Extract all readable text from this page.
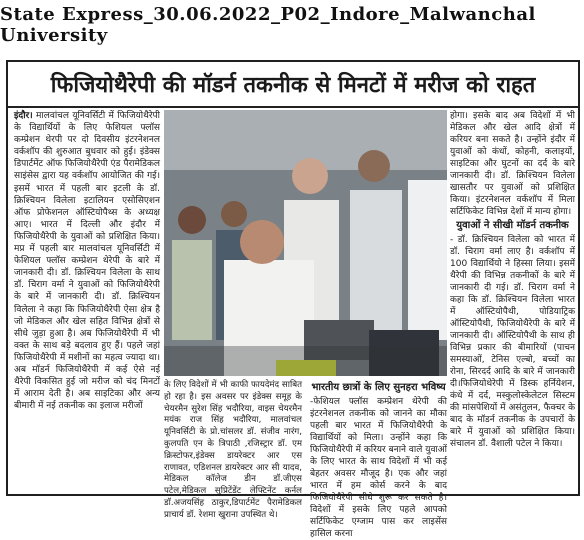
State Express_30.06.2022_P02_Indore_Malwanchal University
फिजियोथैरेपी की मॉडर्न तकनीक से मिनटों में मरीज को राहत
इंदौर। मालवांचल यूनिवर्सिटी में फिजियोथैरेपी के विद्यार्थियों के लिए फेशियल फ्लॉस कम्प्रेशन थेरपी पर दो दिवसीय इंटरनेशनल वर्कशॉप की शुरुआत बुधवार को हुई। इंडेक्स डिपार्टमेंट ऑफ फिजियोथैरेपी एंड पैरामेडिकल साइंसेस द्वारा यह वर्कशॉप आयोजित की गई। इसमें भारत में पहली बार इटली के डॉ. क्रिश्चियन विलेला इटालियन एसोसिएशन ऑफ प्रोफेशनल ऑस्टियोपैथ्स के अध्यक्ष आए। भारत में दिल्ली और इंदौर में फिजियोथैरेपी के युवाओं को प्रशिक्षित किया। मप्र में पहली बार मालवांचल यूनिवर्सिटी में फेशियल फ्लॉस कम्प्रेशन थेरेपी के बारे में जानकारी दी। डॉ. क्रिश्चियन विलेला के साथ डॉ. चिराग वर्मा ने युवाओं को फिजियोथैरेपी के बारे में जानकारी दी। डॉ. क्रिश्चियन विलेला ने कहा कि फिजियोथैरेपी ऐसा क्षेत्र है जो मेडिकल और खेल सहित विभिन्न क्षेत्रों से सीधे जुड़ा हुआ है। अब फिजियोथैरेपी में भी वक्त के साथ बड़े बदलाव हुए हैं। पहले जहां फिजियोथैरेपी में मशीनों का महत्व ज्यादा था। अब मॉडर्न फिजियोथैरेपी में कई ऐसे नई थैरेपी विकसित हुई जो मरीज को चंद मिनटों में आराम देती है। अब साइटिका और अन्य बीमारी में नई तकनीक का इलाज मरीजों
के लिए विदेशों में भी काफी फायदेमंद साबित हो रहा है। इस अवसर पर इंडेक्स समूह के चेयरमैन सुरेश सिंह भदौरिया, वाइस चेयरमैन मयंक राज सिंह भदौरिया, मालवांचल यूनिवर्सिटी के प्रो.चांसलर डॉ. संजीव नारंग, कुलपति एन के त्रिपाठी ,रजिस्ट्रार डॉ. एम क्रिस्टोफर,इंडेक्स डायरेक्टर आर एस राणावत, एडिशनल डायरेक्टर आर सी यादव, मेडिकल कॉलेज डीन डॉ.जीएस पटेल,मेडिकल सुप्रिटेंडेंट लेफ्टिनेंट कर्नल डॉ.अजयसिंह ठाकुर,डिपार्टमेंट पैरामेडिकल प्राचार्य डॉ. रेशमा खुराना उपस्थित थे।
भारतीय छात्रों के लिए सुनहरा भविष्य
-फेशियल फ्लॉस कम्प्रेशन थेरेपी की इंटरनेशनल तकनीक को जानने का मौका पहली बार भारत में फिजियोथैरेपी के विद्यार्थियों को मिला। उन्होंने कहा कि फिजियोथैरेपी में करियर बनाने वाले युवाओं के लिए भारत के साथ विदेशों में भी कई बेहतर अवसर मौजूद है। एक और जहां भारत में हम कोर्स करने के बाद फिजियोथैरेपी सीधे शुरू कर सकते है। विदेशों में इसके लिए पहले आपको सर्टिफिकेट एग्जाम पास कर लाइसेंस हासिल करना
होगा। इसके बाद अब विदेशों में भी मेडिकल और खेल आदि क्षेत्रों में करियर बना सकते है। उन्होंने इंदौर में युवाओं को कंधों, कोहनी, कलाइयों, साइटिका और घुटनों का दर्द के बारे जानकारी दी। डॉ. क्रिश्चियन विलेला खासतौर पर युवाओं को प्रशिक्षित किया। इंटरनेशनल वर्कशॉप में मिला सर्टिफिकेट विभिन्न देशों में मान्य होगा।
युवाओं ने सीखी मॉडर्न तकनीक
- डॉ. क्रिश्चियन विलेला को भारत में डॉ. चिराग वर्मा लाए है। वर्कशॉप में 100 विद्यार्थियो ने हिस्सा लिया। इसमें थैरेपी की विभिन्न तकनीकों के बारे में जानकारी दी गई। डॉ. चिराग वर्मा ने कहा कि डॉ. क्रिश्चियन विलेला भारत में ऑस्टियोपैथी, पोडियाट्रिक ऑस्टियोपैथी, फिजियोथैरेपी के बारे में जानकारी दी। ऑस्टियोपैथी के साथ ही विभिन्न प्रकार की बीमारियों (पाचन समस्याओं, टेनिस एल्बो, बच्चों का रोना, सिरदर्द आदि के बारे में जानकारी दी।फिजियोथेरेपी में डिस्क हर्नियेशन, कंधे में दर्द, मस्कुलोस्केलेटल सिस्टम की मांसपेशियों में असंतुलन, फैक्चर के बाद के मॉडर्न तकनीक के उपचारों के बारे में युवाओं को प्रशिक्षित किया। संचालन डॉ. वैशाली पटेल ने किया।
